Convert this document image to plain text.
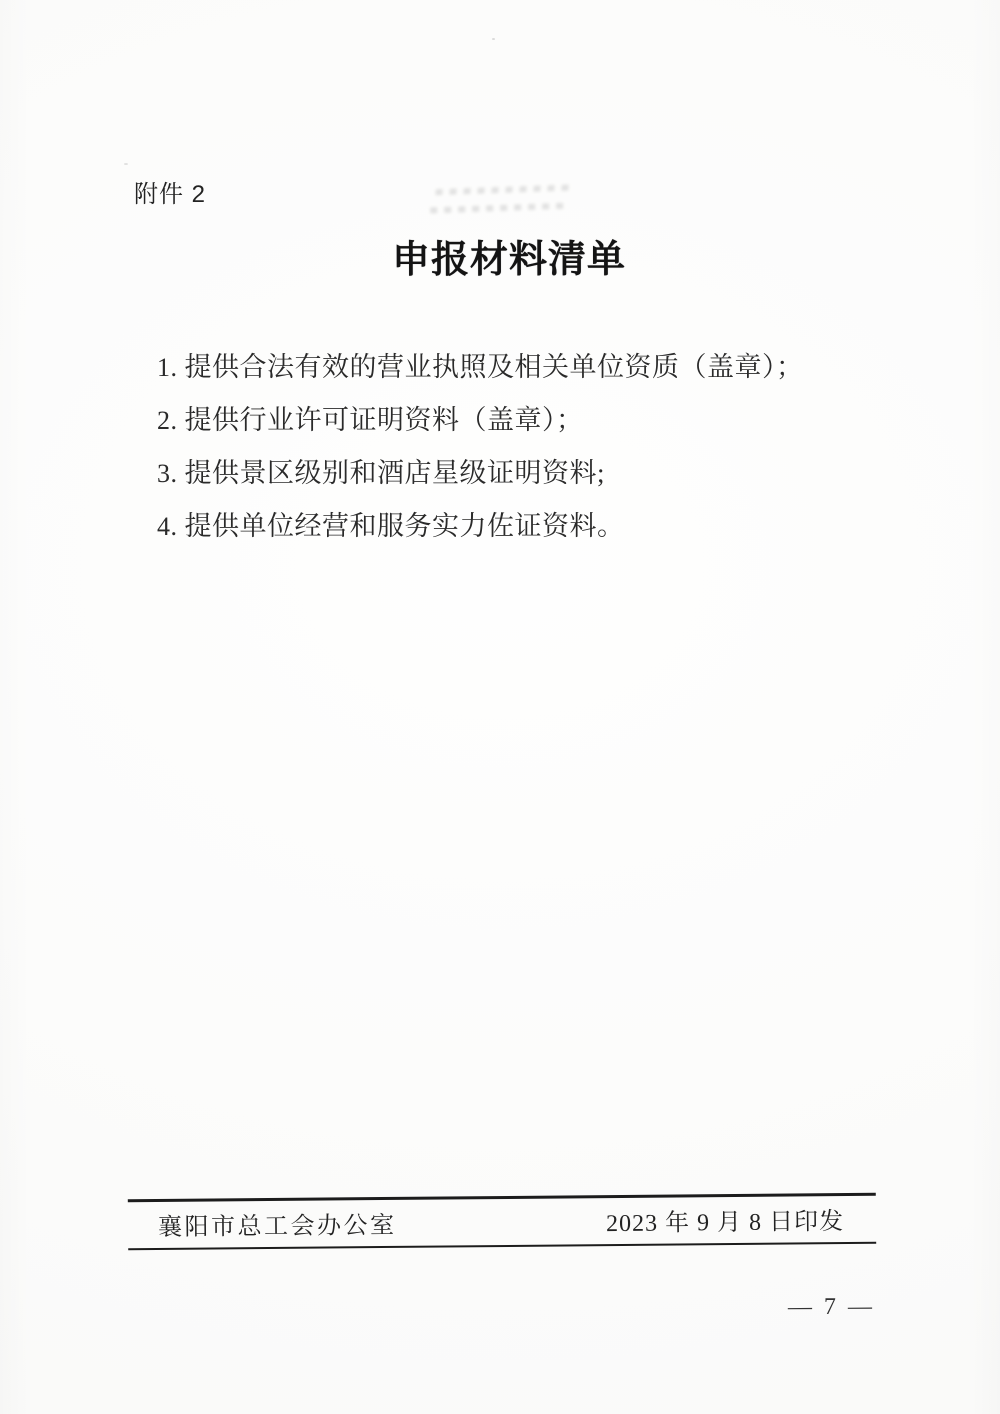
附件 2
申报材料清单
1. 提供合法有效的营业执照及相关单位资质（盖章）；
2. 提供行业许可证明资料（盖章）；
3. 提供景区级别和酒店星级证明资料;
4. 提供单位经营和服务实力佐证资料。
襄阳市总工会办公室	2023 年 9 月 8 日印发
— 7 —
